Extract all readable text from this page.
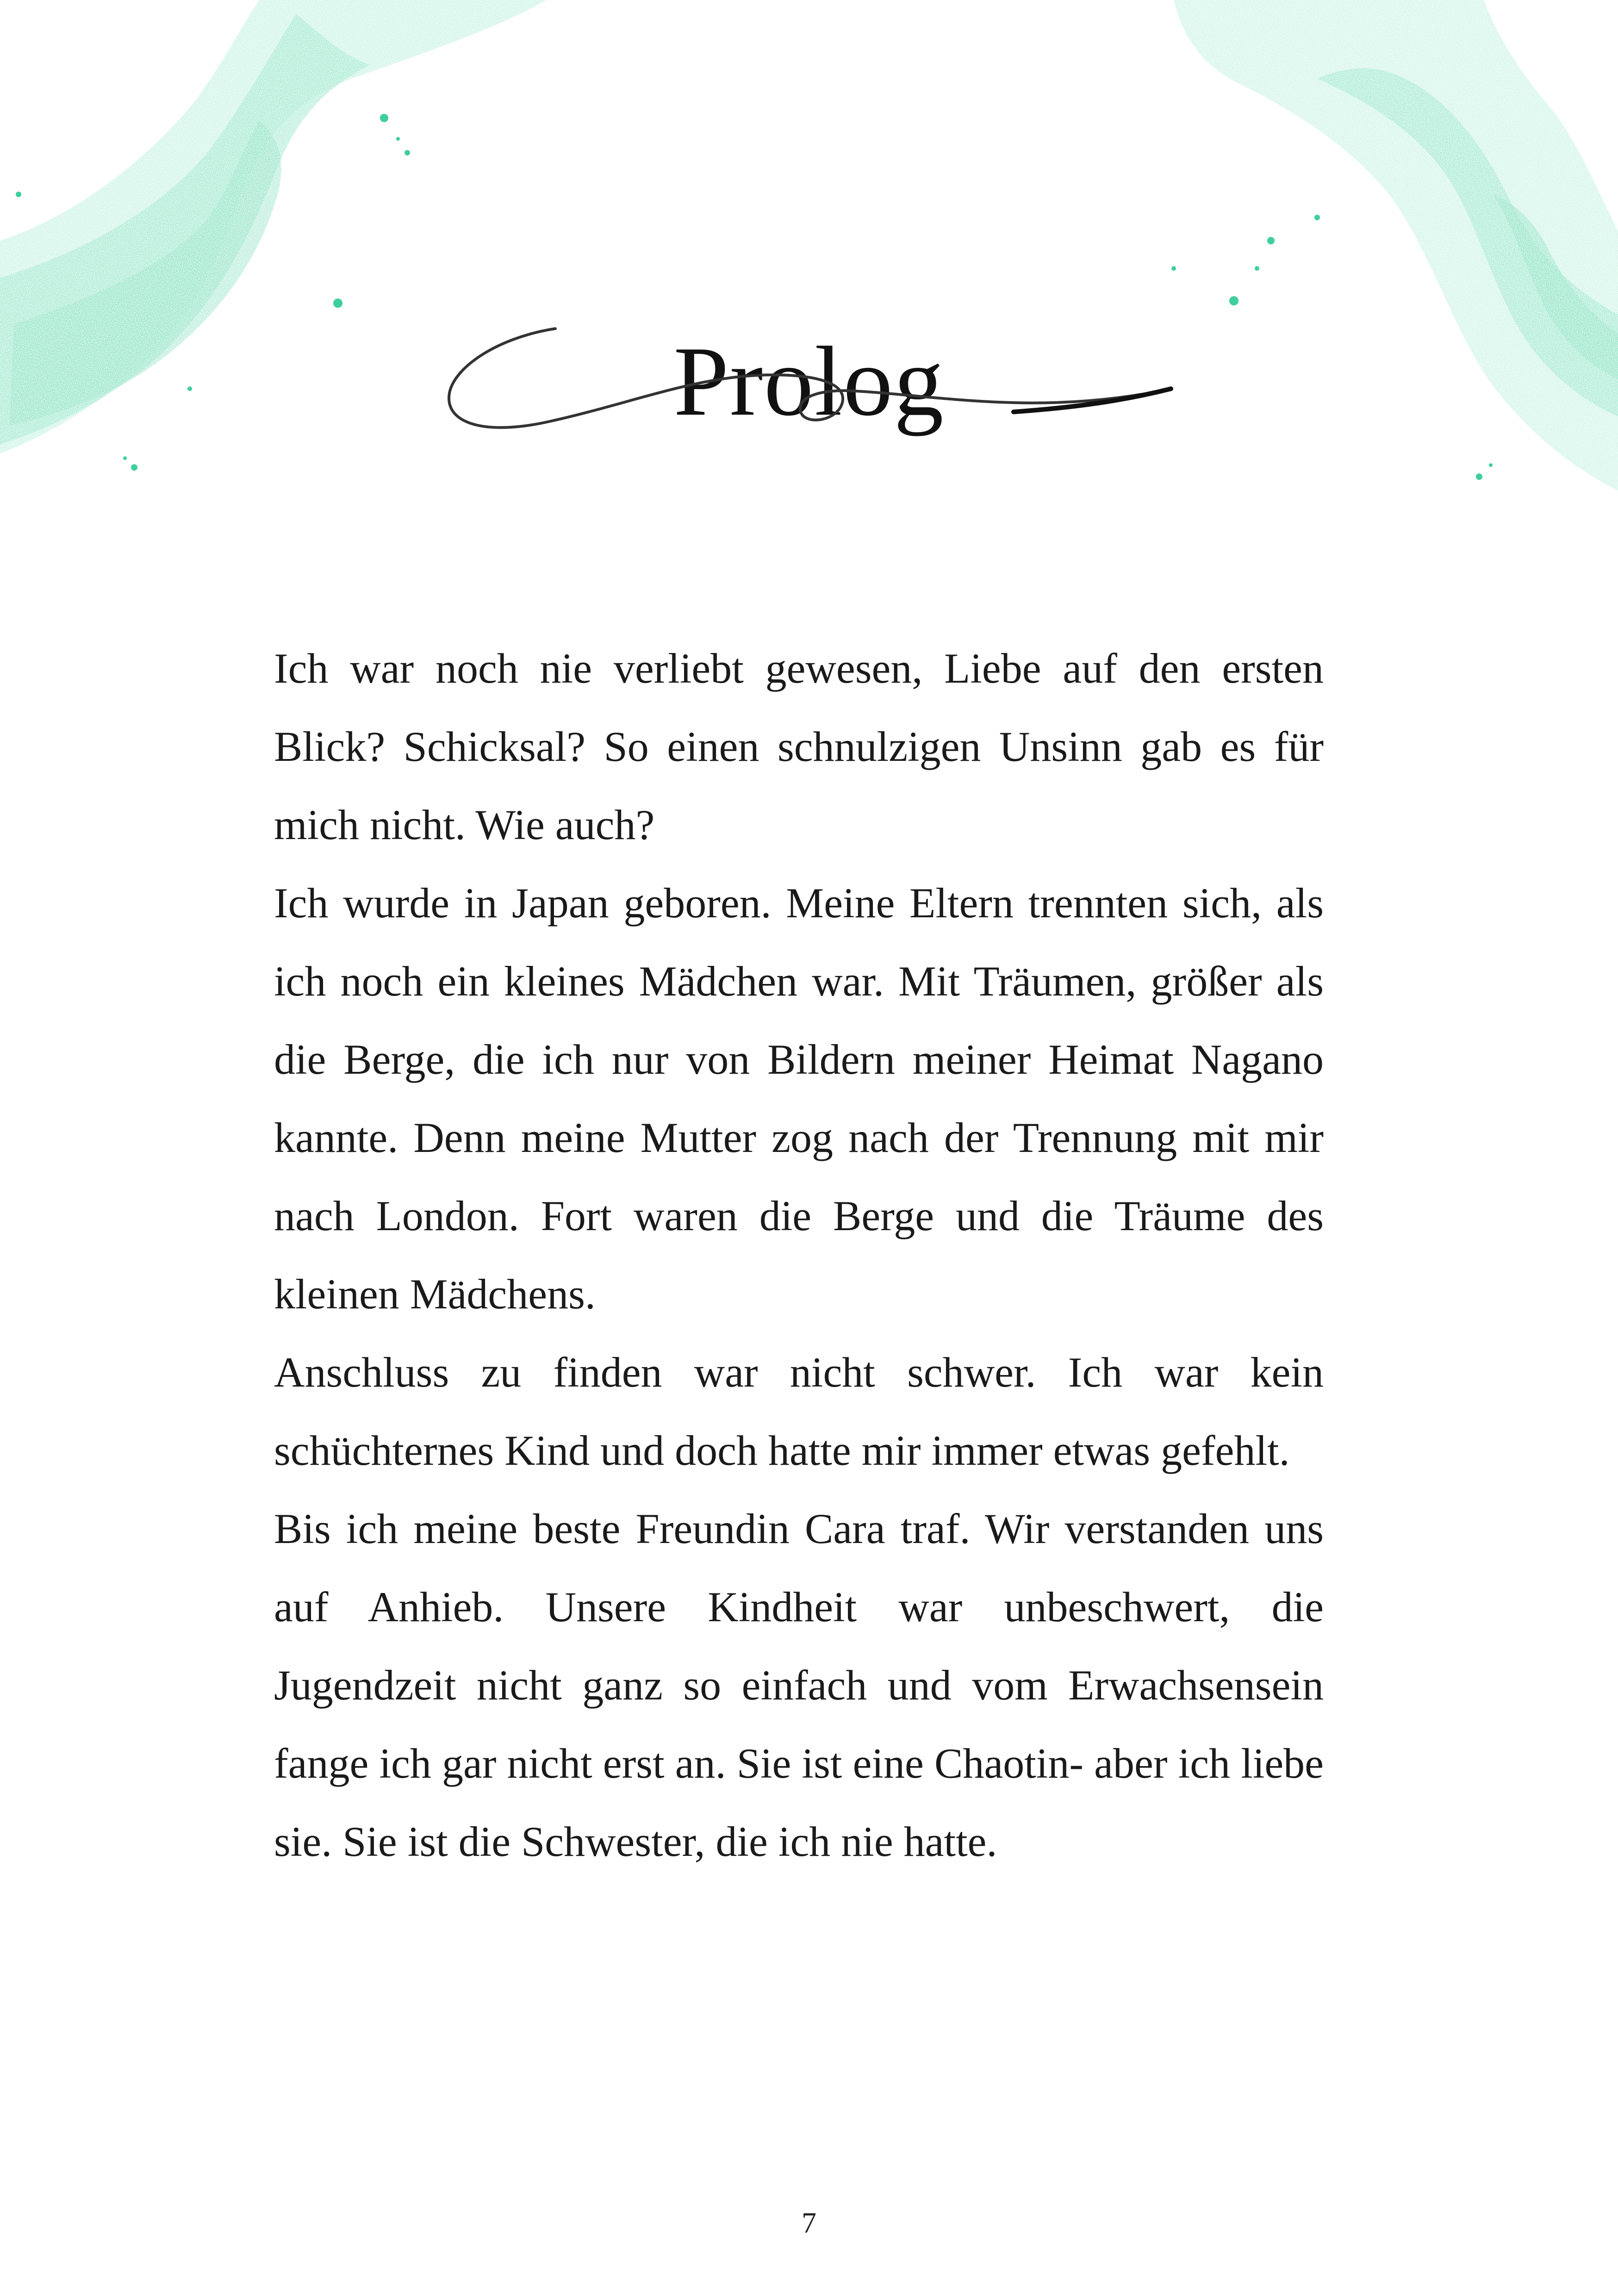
Prolog

Ich war noch nie verliebt gewesen, Liebe auf den ersten Blick? Schicksal? So einen schnulzigen Unsinn gab es für mich nicht. Wie auch?

Ich wurde in Japan geboren. Meine Eltern trennten sich, als ich noch ein kleines Mädchen war. Mit Träumen, größer als die Berge, die ich nur von Bildern meiner Heimat Nagano kannte. Denn meine Mutter zog nach der Trennung mit mir nach London. Fort waren die Berge und die Träume des kleinen Mädchens.

Anschluss zu finden war nicht schwer. Ich war kein schüchternes Kind und doch hatte mir immer etwas gefehlt.

Bis ich meine beste Freundin Cara traf. Wir verstanden uns auf Anhieb. Unsere Kindheit war unbeschwert, die Jugendzeit nicht ganz so einfach und vom Erwachsensein fange ich gar nicht erst an. Sie ist eine Chaotin- aber ich liebe sie. Sie ist die Schwester, die ich nie hatte.

7
